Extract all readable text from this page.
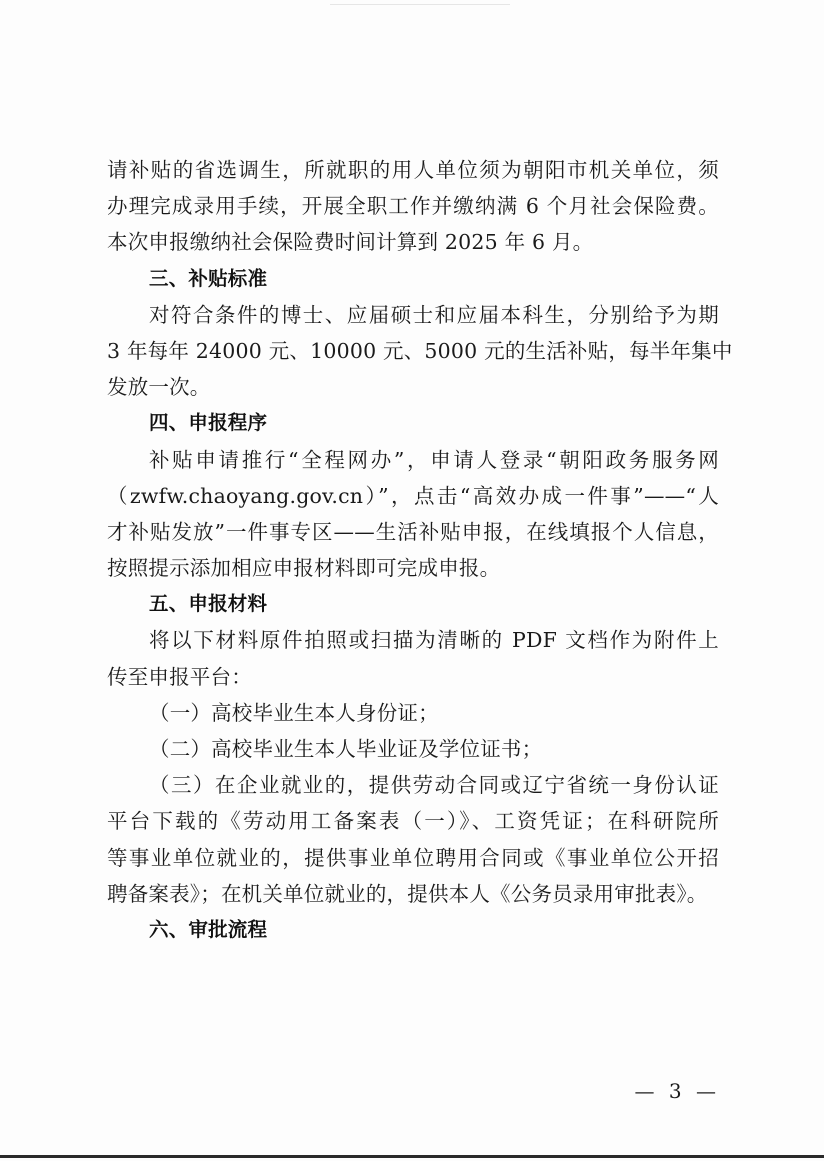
请补贴的省选调生，所就职的用人单位须为朝阳市机关单位，须
办理完成录用手续，开展全职工作并缴纳满 6 个月社会保险费。
本次申报缴纳社会保险费时间计算到 2025 年 6 月。
三、补贴标准
对符合条件的博士、应届硕士和应届本科生，分别给予为期
3 年每年 24000 元、10000 元、5000 元的生活补贴，每半年集中
发放一次。
四、申报程序
补贴申请推行“全程网办”，申请人登录“朝阳政务服务网
（zwfw.chaoyang.gov.cn）”，点击“高效办成一件事”——“人
才补贴发放”一件事专区——生活补贴申报，在线填报个人信息，
按照提示添加相应申报材料即可完成申报。
五、申报材料
将以下材料原件拍照或扫描为清晰的 PDF 文档作为附件上
传至申报平台：
（一）高校毕业生本人身份证；
（二）高校毕业生本人毕业证及学位证书；
（三）在企业就业的，提供劳动合同或辽宁省统一身份认证
平台下载的《劳动用工备案表（一）》、工资凭证；在科研院所
等事业单位就业的，提供事业单位聘用合同或《事业单位公开招
聘备案表》；在机关单位就业的，提供本人《公务员录用审批表》。
六、审批流程
— 3 —
